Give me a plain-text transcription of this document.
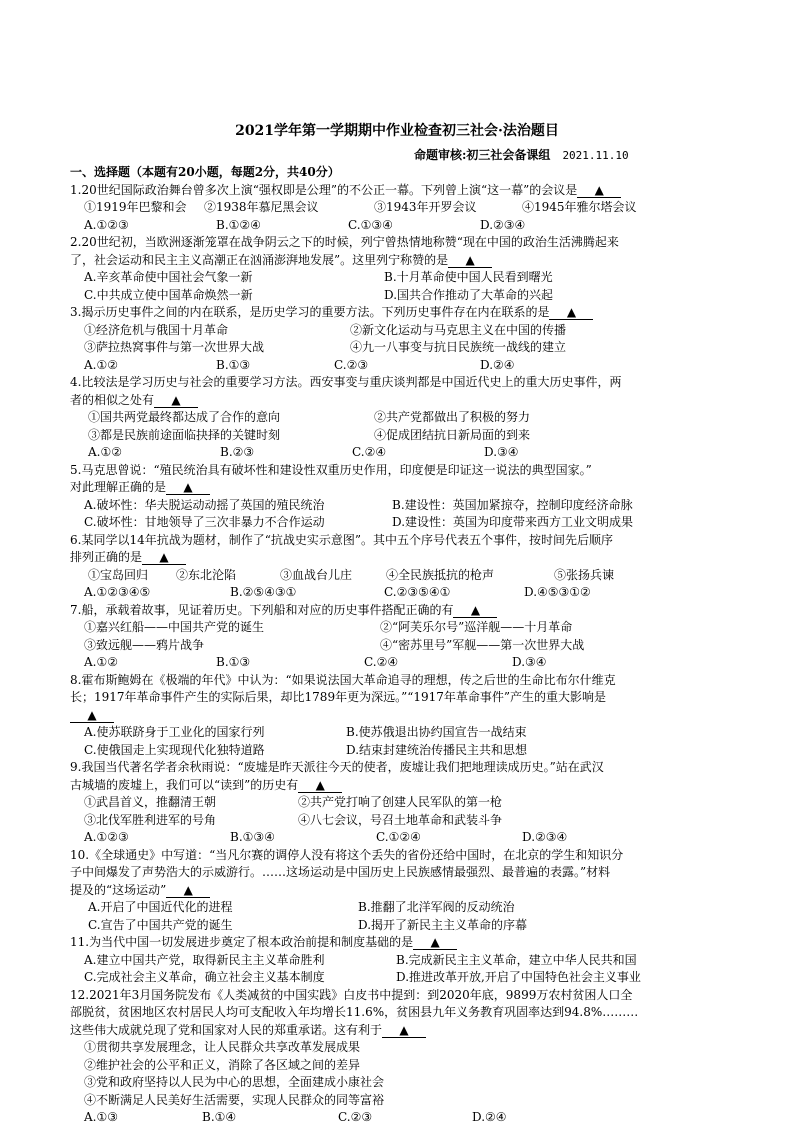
2021学年第一学期期中作业检查初三社会·法治题目
命题审核:初三社会备课组 2021.11.10
一、选择题（本题有20小题，每题2分，共40分）
1.20世纪国际政治舞台曾多次上演“强权即是公理”的不公正一幕。下列曾上演“这一幕”的会议是 ▲
①1919年巴黎和会	②1938年慕尼黑会议	③1943年开罗会议	④1945年雅尔塔会议
A.①②③	B.①②④	C.①③④	D.②③④
2.20世纪初，当欧洲逐渐笼罩在战争阴云之下的时候，列宁曾热情地称赞“现在中国的政治生活沸腾起来
了，社会运动和民主主义高潮正在汹涌澎湃地发展”。这里列宁称赞的是 ▲
A.辛亥革命使中国社会气象一新	B.十月革命使中国人民看到曙光
C.中共成立使中国革命焕然一新	D.国共合作推动了大革命的兴起
3.揭示历史事件之间的内在联系，是历史学习的重要方法。下列历史事件存在内在联系的是 ▲
①经济危机与俄国十月革命	②新文化运动与马克思主义在中国的传播
③萨拉热窝事件与第一次世界大战	④九一八事变与抗日民族统一战线的建立
A.①②	B.①③	C.②③	D.②④
4.比较法是学习历史与社会的重要学习方法。西安事变与重庆谈判都是中国近代史上的重大历史事件，两
者的相似之处有 ▲
①国共两党最终都达成了合作的意向	②共产党都做出了积极的努力
③都是民族前途面临抉择的关键时刻	④促成团结抗日新局面的到来
A.①②	B.②③	C.②④	D.③④
5.马克思曾说：“殖民统治具有破坏性和建设性双重历史作用，印度便是印证这一说法的典型国家。”
对此理解正确的是 ▲
A.破坏性：华夫脱运动动摇了英国的殖民统治	B.建设性：英国加紧掠夺，控制印度经济命脉
C.破坏性：甘地领导了三次非暴力不合作运动	D.建设性：英国为印度带来西方工业文明成果
6.某同学以14年抗战为题材，制作了“抗战史实示意图”。其中五个序号代表五个事件，按时间先后顺序
排列正确的是 ▲
①宝岛回归	②东北沦陷	③血战台儿庄	④全民族抵抗的枪声	⑤张扬兵谏
A.①②③④⑤	B.②⑤④③①	C.②③⑤④①	D.④⑤③①②
7.船，承载着故事，见证着历史。下列船和对应的历史事件搭配正确的有 ▲
①嘉兴红船——中国共产党的诞生	②“阿芙乐尔号”巡洋舰——十月革命
③致远舰——鸦片战争	④“密苏里号”军舰——第一次世界大战
A.①②	B.①③	C.②④	D.③④
8.霍布斯鲍姆在《极端的年代》中认为：“如果说法国大革命追寻的理想，传之后世的生命比布尔什维克
长；1917年革命事件产生的实际后果，却比1789年更为深远。”“1917年革命事件”产生的重大影响是
▲
A.使苏联跻身于工业化的国家行列	B.使苏俄退出协约国宣告一战结束
C.使俄国走上实现现代化独特道路	D.结束封建统治传播民主共和思想
9.我国当代著名学者余秋雨说：“废墟是昨天派往今天的使者，废墟让我们把地理读成历史。”站在武汉
古城墙的废墟上，我们可以“读到”的历史有 ▲
①武昌首义，推翻清王朝	②共产党打响了创建人民军队的第一枪
③北伐军胜利进军的号角	④八七会议，号召土地革命和武装斗争
A.①②③	B.①③④	C.①②④	D.②③④
10.《全球通史》中写道：“当凡尔赛的调停人没有将这个丢失的省份还给中国时，在北京的学生和知识分
子中间爆发了声势浩大的示威游行。……这场运动是中国历史上民族感情最强烈、最普遍的表露。”材料
提及的“这场运动” ▲
A.开启了中国近代化的进程	B.推翻了北洋军阀的反动统治
C.宣告了中国共产党的诞生	D.揭开了新民主主义革命的序幕
11.为当代中国一切发展进步奠定了根本政治前提和制度基础的是 ▲
A.建立中国共产党，取得新民主主义革命胜利	B.完成新民主主义革命，建立中华人民共和国
C.完成社会主义革命，确立社会主义基本制度	D.推进改革开放,开启了中国特色社会主义事业
12.2021年3月国务院发布《人类减贫的中国实践》白皮书中提到：到2020年底，9899万农村贫困人口全
部脱贫，贫困地区农村居民人均可支配收入年均增长11.6%，贫困县九年义务教育巩固率达到94.8%………
这些伟大成就兑现了党和国家对人民的郑重承诺。这有利于 ▲
①贯彻共享发展理念，让人民群众共享改革发展成果
②维护社会的公平和正义，消除了各区域之间的差异
③党和政府坚持以人民为中心的思想，全面建成小康社会
④不断满足人民美好生活需要，实现人民群众的同等富裕
A.①③	B.①④	C.②③	D.②④
